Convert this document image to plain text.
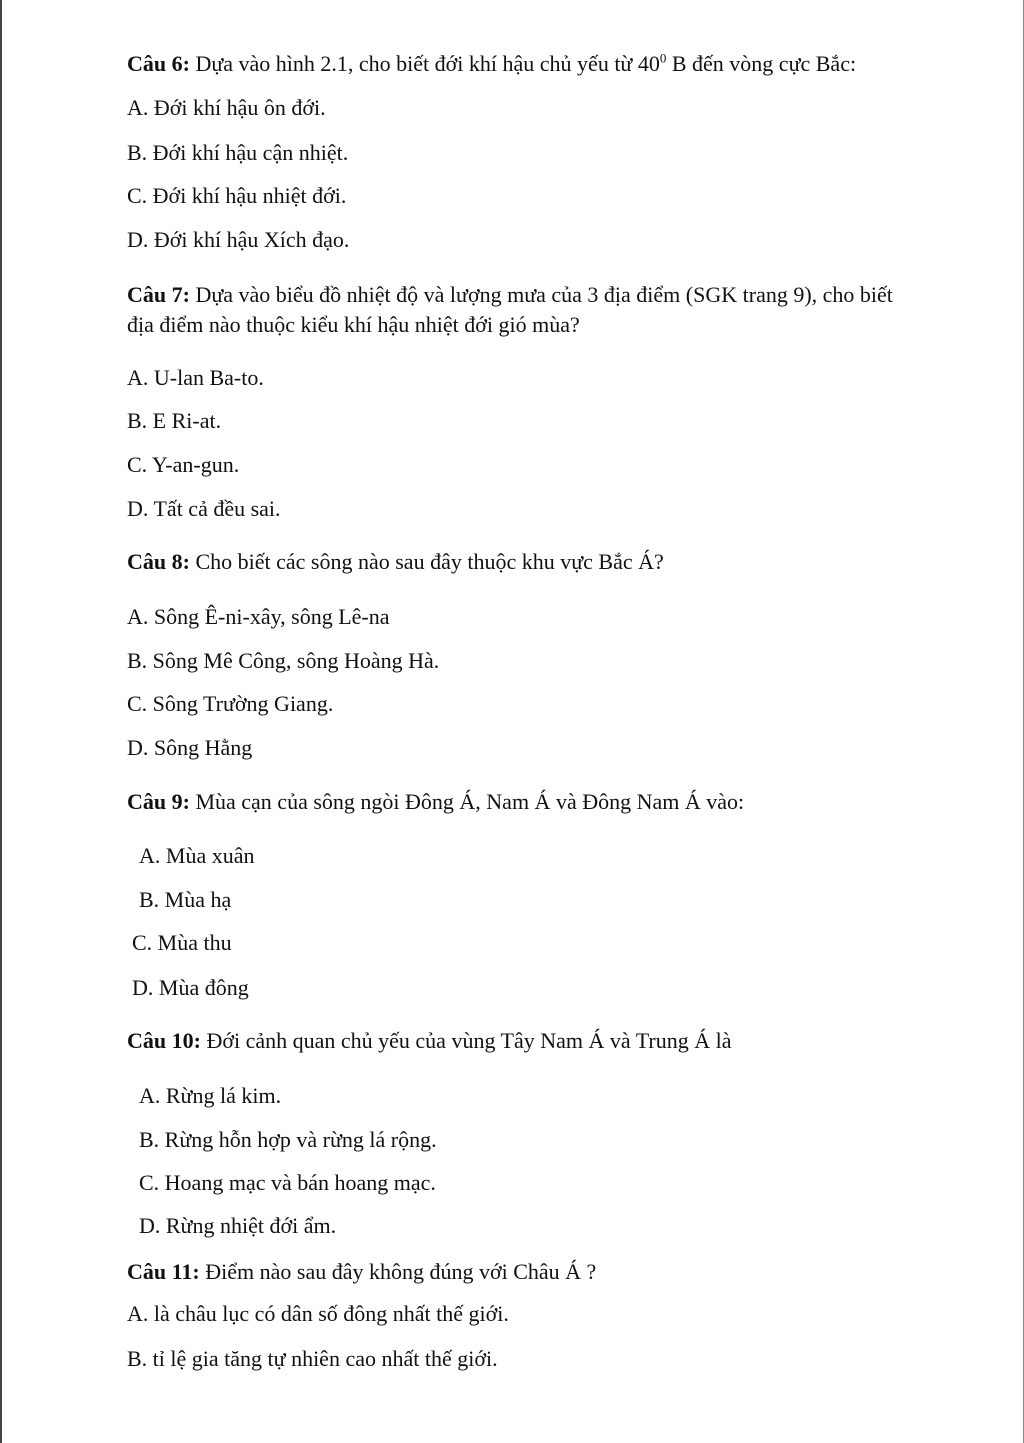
Câu 6: Dựa vào hình 2.1, cho biết đới khí hậu chủ yếu từ $40^0$ B đến vòng cực Bắc:
A. Đới khí hậu ôn đới.
B. Đới khí hậu cận nhiệt.
C. Đới khí hậu nhiệt đới.
D. Đới khí hậu Xích đạo.
Câu 7: Dựa vào biểu đồ nhiệt độ và lượng mưa của 3 địa điểm (SGK trang 9), cho biết
địa điểm nào thuộc kiểu khí hậu nhiệt đới gió mùa?
A. U-lan Ba-to.
B. E Ri-at.
C. Y-an-gun.
D. Tất cả đều sai.
Câu 8: Cho biết các sông nào sau đây thuộc khu vực Bắc Á?
A. Sông Ê-ni-xây, sông Lê-na
B. Sông Mê Công, sông Hoàng Hà.
C. Sông Trường Giang.
D. Sông Hằng
Câu 9: Mùa cạn của sông ngòi Đông Á, Nam Á và Đông Nam Á vào:
A. Mùa xuân
B. Mùa hạ
C. Mùa thu
D. Mùa đông
Câu 10: Đới cảnh quan chủ yếu của vùng Tây Nam Á và Trung Á là
A. Rừng lá kim.
B. Rừng hỗn hợp và rừng lá rộng.
C. Hoang mạc và bán hoang mạc.
D. Rừng nhiệt đới ẩm.
Câu 11: Điểm nào sau đây không đúng với Châu Á ?
A. là châu lục có dân số đông nhất thế giới.
B. tỉ lệ gia tăng tự nhiên cao nhất thế giới.
